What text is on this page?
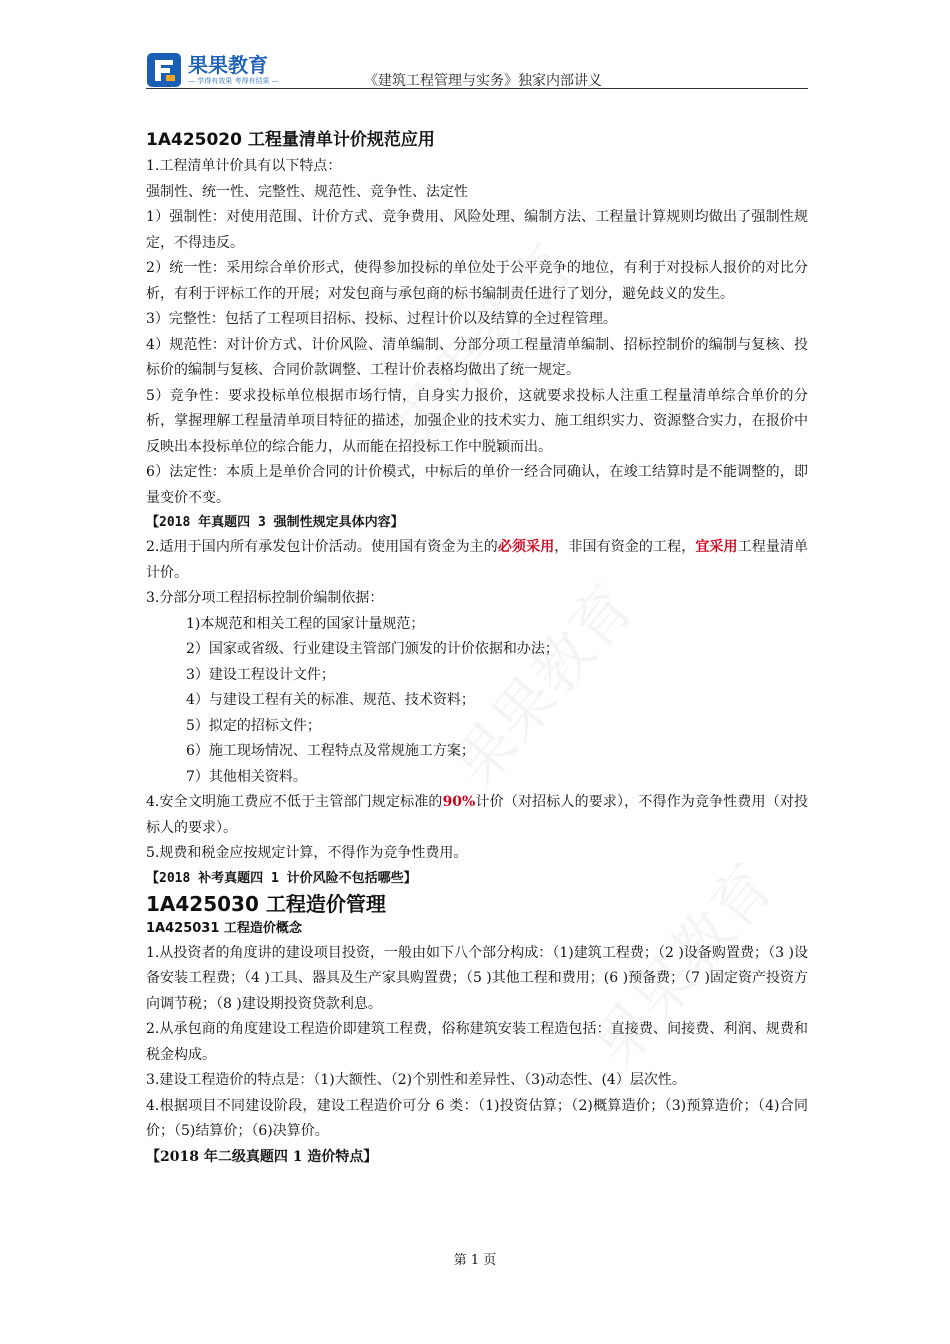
果果教育
— 学得有效果 考得有结果 —	《建筑工程管理与实务》独家内部讲义
1A425020 工程量清单计价规范应用

1.工程清单计价具有以下特点：

强制性、统一性、完整性、规范性、竞争性、法定性

1）强制性：对使用范围、计价方式、竞争费用、风险处理、编制方法、工程量计算规则均做出了强制性规定，不得违反。

2）统一性：采用综合单价形式，使得参加投标的单位处于公平竞争的地位，有利于对投标人报价的对比分析，有利于评标工作的开展；对发包商与承包商的标书编制责任进行了划分，避免歧义的发生。

3）完整性：包括了工程项目招标、投标、过程计价以及结算的全过程管理。

4）规范性：对计价方式、计价风险、清单编制、分部分项工程量清单编制、招标控制价的编制与复核、投标价的编制与复核、合同价款调整、工程计价表格均做出了统一规定。

5）竞争性：要求投标单位根据市场行情，自身实力报价，这就要求投标人注重工程量清单综合单价的分析，掌握理解工程量清单项目特征的描述，加强企业的技术实力、施工组织实力、资源整合实力，在报价中反映出本投标单位的综合能力，从而能在招投标工作中脱颖而出。

6）法定性：本质上是单价合同的计价模式，中标后的单价一经合同确认，在竣工结算时是不能调整的，即量变价不变。

【2018 年真题四 3 强制性规定具体内容】

2.适用于国内所有承发包计价活动。使用国有资金为主的必须采用，非国有资金的工程，宜采用工程量清单计价。

3.分部分项工程招标控制价编制依据：

1)本规范和相关工程的国家计量规范；

2）国家或省级、行业建设主管部门颁发的计价依据和办法；

3）建设工程设计文件；

4）与建设工程有关的标准、规范、技术资料；

5）拟定的招标文件；

6）施工现场情况、工程特点及常规施工方案；

7）其他相关资料。

4.安全文明施工费应不低于主管部门规定标准的90%计价（对招标人的要求），不得作为竞争性费用（对投标人的要求）。

5.规费和税金应按规定计算，不得作为竞争性费用。

【2018 补考真题四 1 计价风险不包括哪些】
1A425030 工程造价管理
1A425031 工程造价概念

1.从投资者的角度讲的建设项目投资，一般由如下八个部分构成：（1)建筑工程费；（2 )设备购置费；（3 )设备安装工程费；（4 )工具、器具及生产家具购置费；（5 )其他工程和费用；(6 )预备费；（7 )固定资产投资方向调节税；（8 )建设期投资贷款利息。

2.从承包商的角度建设工程造价即建筑工程费，俗称建筑安装工程造包括：直接费、间接费、利润、规费和税金构成。

3.建设工程造价的特点是：（1)大额性、（2)个别性和差异性、（3)动态性、(4）层次性。

4.根据项目不同建设阶段，建设工程造价可分 6 类：（1)投资估算；（2)概算造价；（3)预算造价；（4)合同价；（5)结算价；（6)决算价。

【2018 年二级真题四 1 造价特点】

第 1 页
